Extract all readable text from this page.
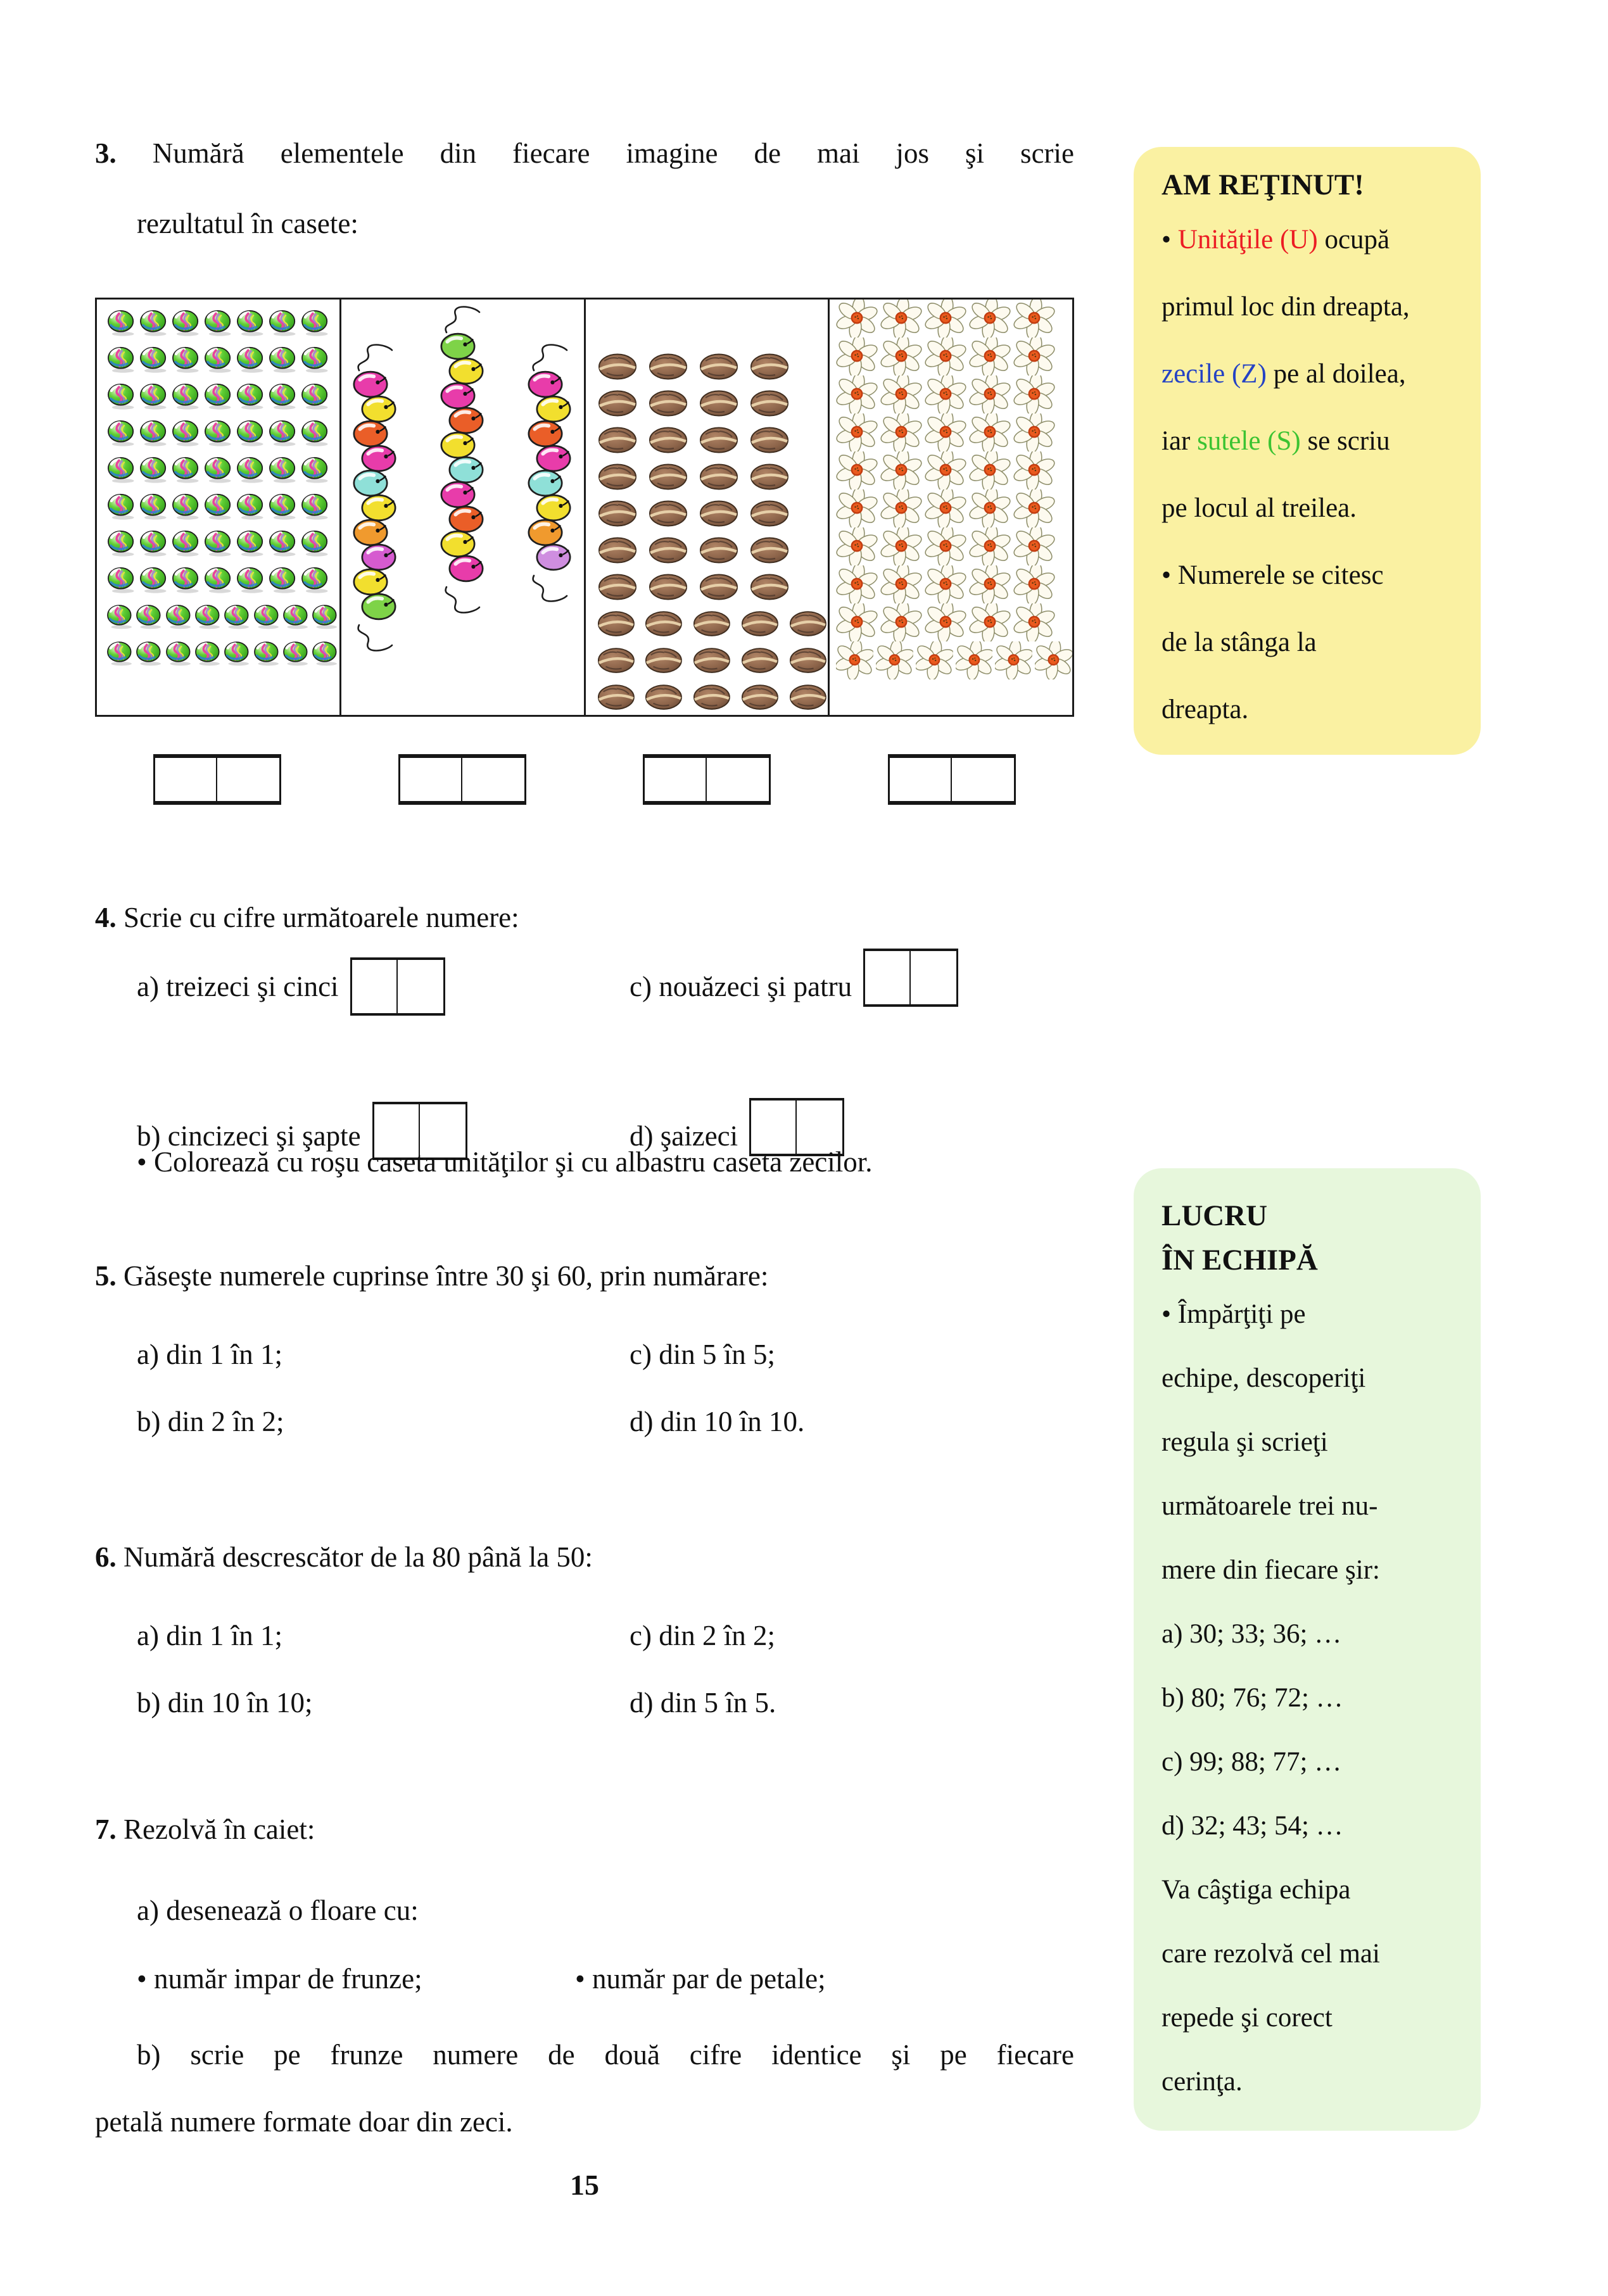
3. Numără elementele din fiecare imagine de mai jos şi scrie
rezultatul în casete:
4. Scrie cu cifre următoarele numere:
a) treizeci şi cinci	c) nouăzeci şi patru
b) cincizeci şi şapte	d) şaizeci
• Colorează cu roşu caseta unităţilor şi cu albastru caseta zecilor.
5. Găseşte numerele cuprinse între 30 şi 60, prin numărare:
a) din 1 în 1;	c) din 5 în 5;
b) din 2 în 2;	d) din 10 în 10.
6. Numără descrescător de la 80 până la 50:
a) din 1 în 1;	c) din 2 în 2;
b) din 10 în 10;	d) din 5 în 5.
7. Rezolvă în caiet:
a) desenează o floare cu:
• număr impar de frunze;	• număr par de petale;
b) scrie pe frunze numere de două cifre identice şi pe fiecare
petală numere formate doar din zeci.
15
AM REŢINUT!
• Unităţile (U) ocupă
primul loc din dreapta,
zecile (Z) pe al doilea,
iar sutele (S) se scriu
pe locul al treilea.
• Numerele se citesc
de la stânga la
dreapta.
LUCRU
ÎN ECHIPĂ
• Împărţiţi pe
echipe, descoperiţi
regula şi scrieţi
următoarele trei nu-
mere din fiecare şir:
a) 30; 33; 36; …
b) 80; 76; 72; …
c) 99; 88; 77; …
d) 32; 43; 54; …
Va câştiga echipa
care rezolvă cel mai
repede şi corect
cerinţa.
